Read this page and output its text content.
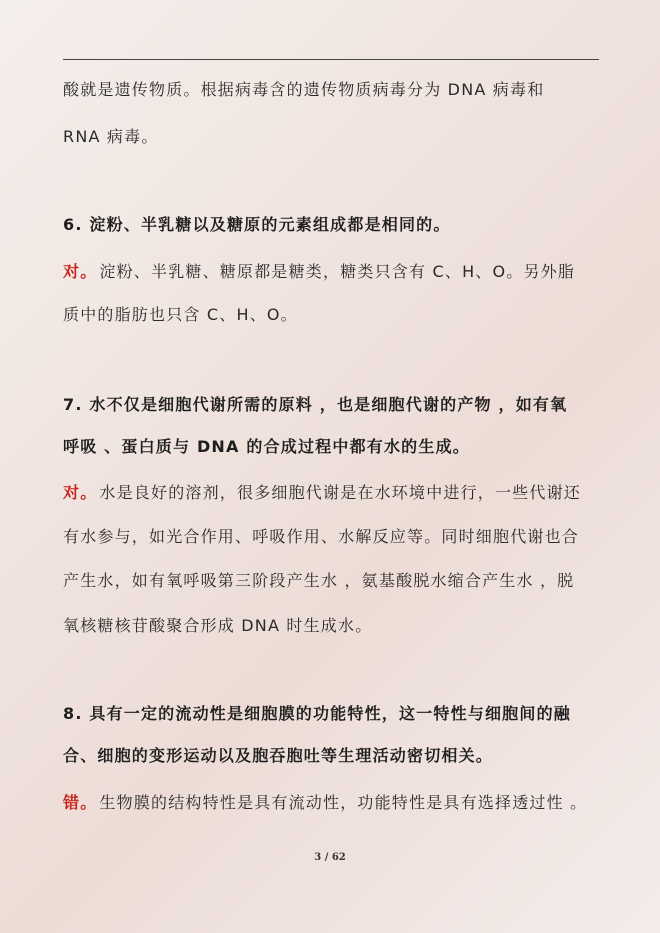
酸就是遗传物质。根据病毒含的遗传物质病毒分为 DNA 病毒和
RNA 病毒。
6. 淀粉、半乳糖以及糖原的元素组成都是相同的。
对。 淀粉、半乳糖、糖原都是糖类，糖类只含有 C、H、O。另外脂
质中的脂肪也只含 C、H、O。
7. 水不仅是细胞代谢所需的原料 ，也是细胞代谢的产物 ，如有氧
呼吸 、蛋白质与 DNA 的合成过程中都有水的生成。
对。 水是良好的溶剂，很多细胞代谢是在水环境中进行，一些代谢还
有水参与，如光合作用、呼吸作用、水解反应等。同时细胞代谢也合
产生水，如有氧呼吸第三阶段产生水 ，氨基酸脱水缩合产生水 ，脱
氧核糖核苷酸聚合形成 DNA 时生成水。
8. 具有一定的流动性是细胞膜的功能特性，这一特性与细胞间的融
合、细胞的变形运动以及胞吞胞吐等生理活动密切相关。
错。 生物膜的结构特性是具有流动性，功能特性是具有选择透过性 。
3 / 62
